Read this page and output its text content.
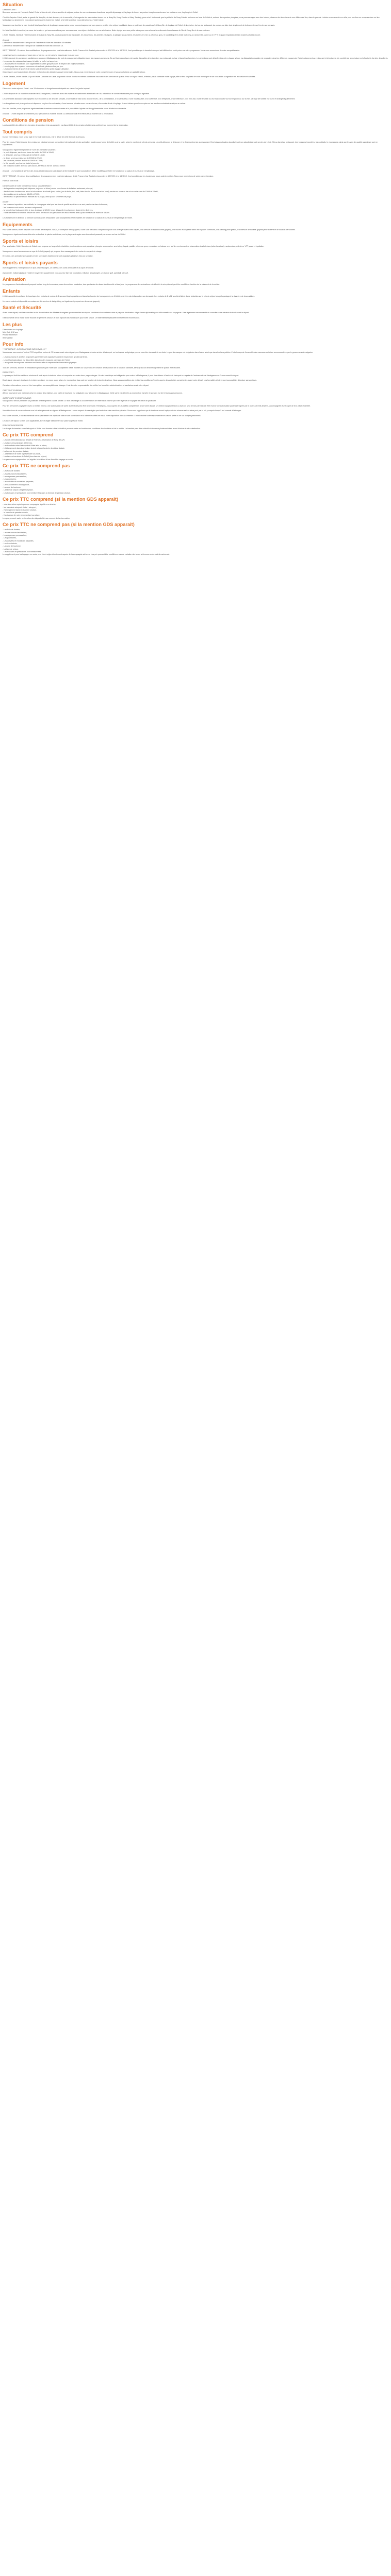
Situation

Direction Cabaï :
Bienvenu au cœur de l'océan à Cabaï. Entre le bleu du ciel, d'un ensemble de séjours, autour de nos nombreuses chambres, au petit dépassage et, la plage de la mer au ponton à sept moments avec les sorties en mer, la plongée à l'hôtel.

C'est ici d'ajouter Cabaï, entre la grande île Nosy Be, de tant de mers, de la merveille, d'où regarder les sanctuaires locaux sur le Nosy Be, Nosy Komba et Nosy Tanikely, pour cela il faut savoir que la petite île de Nosy Sakatia se trouve en face de l'hôtel et, entouré de superbes plongées, vous pourrez nager avec des tortues, observer les lémuriens de nos différentes îles, dans le parc de Lokobe ou vous rendre en ville pour un dîner ou un repas dans un lieu fantastique ou simplement vous laisser porter par le charme de Cabaï. Une belle aventure vous attend donc à l'hôtel Cabaï.

Vous serez au bord de la mer, l'endroit idéal pour faire de la plongée sous-marine, avec nos aménagements vous pourrez profiter d'un séjour inoubliable dans ce petit coin de paradis qu'est Nosy Be, de la plage de l'hôtel, de la piscine, du bar, du restaurant, du ponton, ou faire tout simplement de la bronzette sur l'un de nos transats.

Un hôtel familial et convivial, au cœur de la nature, qui vous accueillera pour vos vacances, vos séjours d'affaires ou vos séminaires. Notre équipe sera aux petits soins pour vous et vous fera découvrir les richesses de l'île de Nosy Be et de ses environs.

L'Hôtel Sakatia, Vanilla & Hôtel Domaine de Cabaï du Nosy Be, vous proposent une escapade, les excursions, les activités nautiques, la plongée sous-marine, les sorties en mer, la pêche au gros, le snorkeling et le whale watching, la randonnée à pied ou en VTT, le quad, l'équitation et bien d'autres choses encore.

A savoir :
La ferme de transfert entre l'aéroport de Fascène et l'hôtel est d'environ 45 minutes.
La ferme de transfert entre l'aéroport de Sakatia et l'hôtel est d'environ 1h.

INFO TRANSAT : En raison des modifications de programme des vols internationaux de Air France et Air Austral prévus entre le 10/07/19 et le 14/11/19, il est possible que le transfert aéroport soit différent de celui prévu sur votre programme. Nous vous remercions de votre compréhension.

***IMPORTANT*** INFORMATIONS RELATIVES A LA SITUATION SANITAIRE COVID-19***
L'hôtel respecte les consignes sanitaires en vigueur à Madagascar. Le port du masque est obligatoire dans les espaces communs. Du gel hydroalcoolique est à votre disposition à la réception, au restaurant, au bar et dans les chambres. Les chambres sont désinfectées entre chaque séjour. La distanciation sociale est respectée dans les différents espaces de l'hôtel, notamment au restaurant et à la piscine. Un contrôle de température est effectué à l'arrivée des clients.
- Le service du restaurant est assuré à table, le buffet est supprimé.
- Les activités et excursions sont organisées en petits groupes dans le respect des règles sanitaires.
- Le nettoyage des espaces communs est renforcé, plusieurs fois par jour.
- Les équipements de sport et de loisirs sont désinfectés après chaque utilisation.
Ces mesures sont susceptibles d'évoluer en fonction des directives gouvernementales. Nous vous remercions de votre compréhension et vous souhaitons un agréable séjour.

L'Hôtel Sakatia, l'Hôtel Vanilla & Spa et l'Hôtel Domaine de Cabaï proposent à leurs clients les mêmes conditions d'accueil et des services de qualité. Pour un séjour réussi, n'hésitez pas à contacter notre équipe, elle se fera un plaisir de vous renseigner et de vous aider à organiser vos excursions et activités.

Logement

Découvrez notre séjour à l'hôtel : nos 28 chambres et bungalows sont répartis au cœur d'un jardin tropical.

L'hôtel dispose de 18 chambres standard et 10 bungalows, construits avec des matériaux traditionnels et naturels de l'île, offrant tout le confort nécessaire pour un séjour agréable.

Les chambres standard sont équipées d'un lit double ou de deux lits simples, d'une salle de bain avec douche et WC, de la climatisation, d'un ventilateur, d'une moustiquaire, d'un coffre-fort, d'un téléphone, d'une télévision, d'un mini-bar, d'une terrasse ou d'un balcon avec vue sur le jardin ou sur la mer. Le linge de toilette est fourni et changé régulièrement.

Les bungalows sont plus spacieux et disposent en plus d'un coin salon, d'une terrasse privative avec vue sur la mer, d'un accès direct à la plage. Ils sont idéaux pour les couples ou les familles souhaitant un séjour au calme.

Pour les familles, nous proposons également des chambres communicantes et la possibilité d'ajouter un lit supplémentaire ou un lit bébé sur demande.

A savoir : L'hôtel dispose de chambres pour personnes à mobilité réduite. La demande doit être effectuée au moment de la réservation.

Conditions de pension

La disponibilité des différentes formules de pension n'est pas garantie. La disponibilité de la pension choisie sera confirmée au moment de la réservation.

Tout compris

Durant votre séjour, vous serez logé en formule tout inclus, voir le détail de cette formule ci-dessous.

Pour les repas, l'hôtel dispose d'un restaurant principal servant une cuisine internationale et des spécialités locales sous forme de buffet ou à la carte, selon le nombre de clients présents. Le petit-déjeuner, le déjeuner et le dîner sont servis au restaurant. Des boissons locales alcoolisées et non alcoolisées sont servies de 10h à 23h au bar et au restaurant. Les boissons importées, les cocktails, le champagne, ainsi que les vins de qualité supérieure sont en supplément.

Vous pourrez également profiter de l'une des formules suivantes :
- le petit-déjeuner, servi sous forme de buffet de 7h00 à 10h00,
- le déjeuner, servi au restaurant de 12h30 à 14h30,
- le dîner, servi au restaurant de 19h30 à 22h00,
- les collations, servies au bar de 16h00 à 17h00,
- le thé ou café, servi au bar toute la journée,
- les boissons locales avec ou sans alcool, servies au bar de 10h00 à 23h00.

A savoir : Les horaires de service des repas et des boissons sont donnés à titre indicatif et sont susceptibles d'être modifiés par l'hôtel en fonction de la saison et du taux de remplissage.

INFO TRANSAT : En raison des modifications de programme des vols internationaux de Air France et Air Austral prévus entre le 10/07/19 et le 14/11/19, il est possible que les horaires de repas soient modifiés. Nous vous remercions de votre compréhension.

Formule tout inclus :

Dans le cadre de votre formule tout inclus, vous bénéficiez :
- de la pension complète (petit-déjeuner, déjeuner et dîner) servie sous forme de buffet au restaurant principal,
- des boissons locales sans alcool et alcoolisées à volonté (eau, sodas, jus de fruits, thé, café, bière locale, rhum local et vin local) servies au verre au bar et au restaurant de 10h00 à 23h00,
- du snacking servi au bar de 16h00 à 17h00,
- de l'accès à la piscine et aux transats sur la plage, ainsi qu'aux serviettes de plage.

A noter :
- les boissons importées, les cocktails, le champagne ainsi que les vins de qualité supérieure ne sont pas inclus dans la formule,
- les boissons sont servies au verre uniquement,
- la formule tout inclus prend fin le jour du départ à 12h00, heure à laquelle les chambres doivent être libérées,
- l'hôtel se réserve le droit de refuser de servir de l'alcool aux personnes en état d'ébriété ainsi qu'aux mineurs de moins de 18 ans.

Les horaires et le détail de la formule tout inclus des restaurants sont susceptibles d'être modifiés en fonction de la saison et du taux de remplissage de l'hôtel.

Equipements

Pour votre confort, l'hôtel dispose d'un service de réception 24h/24, d'un espace de bagagerie, d'une salle de bains à disposition pour vous changer avant votre départ, d'un service de blanchisserie (payant), d'un accès Wi-Fi gratuit dans les espaces communs, d'un parking privé gratuit, d'un service de navette (payant) et d'un service de location de voitures.

Vous pourrez également vous détendre au bord de la piscine extérieure, sur la plage aménagée avec transats et parasols, ou encore au bar de l'hôtel.

Sports et loisirs

Pour vos loisirs, l'hôtel Domaine de Cabaï vous propose un large choix d'activités, dont certaines sont payantes : plongée sous-marine, snorkeling, kayak, paddle, pêche au gros, excursions en bateau vers les îles environnantes, observation des baleines (selon la saison), randonnées pédestres, VTT, quad et équitation.

Vous pourrez aussi vous relaxer au spa de l'hôtel (payant) qui propose des massages et des soins du corps et du visage.

En soirée, des animations musicales et des spectacles traditionnels sont organisés plusieurs fois par semaine.

Sports et loisirs payants

Avec supplément, l'hôtel propose un spa, des massages, un coiffeur, des soins de beauté et du sport à volonté.

A proximité, indépendants de l'hôtel et moyennant supplément, vous pourrez faire de l'équitation, initiation à la plongée, un club de golf, paintball, kitesurf.

Animation

Un programme d'animations est proposé tout au long de la semaine, avec des soirées musicales, des spectacles de danse traditionnelle et des jeux. Le programme des animations est affiché à la réception et peut être modifié en fonction de la saison et de la météo.

Enfants

L'hôtel accueille les enfants de tous âges. Les enfants de moins de 2 ans sont logés gratuitement dans la chambre de leurs parents, un lit bébé peut être mis à disposition sur demande. Les enfants de 2 à 12 ans bénéficient d'une réduction sur le prix du séjour lorsqu'ils partagent la chambre de deux adultes.

Un menu enfant est disponible au restaurant. Un service de baby-sitting est également proposé sur demande (payant).

Santé et Sécurité

Avant votre départ, veuillez consulter le site du ministère des Affaires étrangères pour connaître les risques sanitaires et sécuritaires dans le pays de destination : https://www.diplomatie.gouv.fr/fr/conseils-aux-voyageurs. Il est également recommandé de consulter votre médecin traitant avant le départ.

Il est conseillé de se munir d'une trousse de premiers secours et d'un répulsif anti-moustiques pour votre séjour. Le traitement antipaludéen est fortement recommandé.

Les plus

Directement sur la plage
Mini Club 4-12 ans
Piscine extérieure
Wi-Fi gratuit

Pour info

***IMPORTANT - INFORMATIONS SUR COVID-19***
Vous devez vous munir d'un test PCR négatif de moins de 72 heures avant votre départ pour Madagascar. A votre arrivée à l'aéroport, un test rapide antigénique pourra vous être demandé à vos frais. Le port du masque est obligatoire dans l'avion ainsi que dans les lieux publics. L'hôtel respecte l'ensemble des mesures sanitaires recommandées par le gouvernement malgache.

- Les excursions et activités proposées par l'hôtel sont organisées dans le respect des gestes barrières.
- Le gel hydroalcoolique est disponible dans tous les espaces communs de l'hôtel.
- La capacité des espaces communs est limitée afin de respecter la distanciation physique.

Tous les services, activités et installations proposés par l'hôtel sont susceptibles d'être modifiés ou suspendus en fonction de l'évolution de la situation sanitaire, sans qu'aucun dédommagement ne puisse être réclamé.

PASSEPORT :
Le passeport doit être valide au minimum 6 mois après la date de retour et comporter au moins deux pages vierges. Un visa touristique est obligatoire pour entrer à Madagascar, il peut être obtenu à l'arrivée à l'aéroport ou auprès de l'ambassade de Madagascar en France avant le départ.

Des frais de visa sont à prévoir et à régler sur place, en euros ou en ariary. Le montant du visa varie en fonction de la durée du séjour. Nous vous conseillons de vérifier les conditions d'entrée auprès des autorités compétentes avant votre départ. Les formalités d'entrée sont susceptibles d'évoluer sans préavis.

Certaines informations peuvent être incomplètes ou susceptibles de changer. Il est de votre responsabilité de vérifier les formalités administratives et sanitaires avant votre départ.

CARTE DE TOURISME
Afin de poursuivre une meilleure prise en charge des visiteurs, une carte de tourisme est obligatoire pour séjourner à Madagascar. Cette carte est délivrée au moment de l'arrivée et son prix est de 10 euros par personne.

JUSTIFICATIF D'HÉBERGEMENT :
Vous pourrez devoir présenter un justificatif d'hébergement à votre arrivée. Le bon d'échange ou la confirmation de réservation fournie par votre agence de voyages fait office de justificatif.

Pour les personnes voyageant avec un enfant mineur, une autorisation de sortie du territoire peut être nécessaire. Renseignez-vous auprès des autorités compétentes avant votre départ. Un enfant voyageant seul ou avec un seul de ses parents doit être muni d'une autorisation parentale signée par le ou les parents absents, accompagnée d'une copie de leur pièce d'identité.

Vous êtes tenu de vous conformer aux lois et règlements en vigueur à Madagascar. Le non-respect de ces règles peut entraîner des sanctions pénales. Nous vous rappelons que le tourisme sexuel impliquant des mineurs est un crime puni par la loi, y compris lorsqu'il est commis à l'étranger.

Pour votre sécurité, il est recommandé de ne pas laisser vos objets de valeur sans surveillance et d'utiliser le coffre-fort mis à votre disposition dans la chambre. L'hôtel décline toute responsabilité en cas de perte ou de vol d'objets personnels.

Les taxes de séjour, si elles sont applicables, sont à régler directement sur place auprès de l'hôtel.

PRÉCISION DESSERTE
Les temps de transfert entre l'aéroport et l'hôtel sont donnés à titre indicatif et peuvent varier en fonction des conditions de circulation et de la météo. Le transfert peut être collectif et desservir plusieurs hôtels avant d'arriver à votre destination.

Ce prix TTC comprend

- Les vols internationaux au départ de France à destination de Nosy Be A/R,
- Les taxes et surcharges aériennes,
- Les transferts entre l'aéroport et l'hôtel aller et retour,
- L'hébergement dans la chambre choisie et pour la durée du séjour choisie,
- La formule de pension choisie,
- L'assistance de notre représentant sur place,
- Les taxes et services de l'hôtel (hors taxe de séjour).
Les personnes voyageant en vol régulier bénéficient d'une franchise bagage en soute.

Ce prix TTC ne comprend pas

- Les frais de dossier,
- Les assurances facultatives,
- Les dépenses personnelles,
- Les pourboires,
- Les activités et excursions payantes,
- Le visa d'entrée à Madagascar,
- La carte de tourisme,
- La taxe de séjour à régler sur place,
- Les boissons et prestations non mentionnées dans la formule de pension choisie.

Ce prix TTC comprend (si la mention GDS apparaît)

- vols aller-retour opérés par une compagnie régulière ou charter,
- les transferts aéroport - hôtel - aéroport,
- l'hébergement dans la chambre choisie,
- la formule de pension choisie,
- l'assistance de notre représentant sur place.
Les prix peuvent varier en fonction des disponibilités au moment de la réservation.

Ce prix TTC ne comprend pas (si la mention GDS apparaît)

- Les frais de dossier,
- Les assurances facultatives,
- Les dépenses personnelles,
- Les pourboires,
- Les activités et excursions payantes,
- Le visa d'entrée,
- La carte de tourisme,
- La taxe de séjour,
- Les boissons et prestations non mentionnées.
Le supplément pour les bagages en soute peut être à régler directement auprès de la compagnie aérienne. Les prix peuvent être modifiés en cas de variation des taxes aériennes ou du coût du carburant.
